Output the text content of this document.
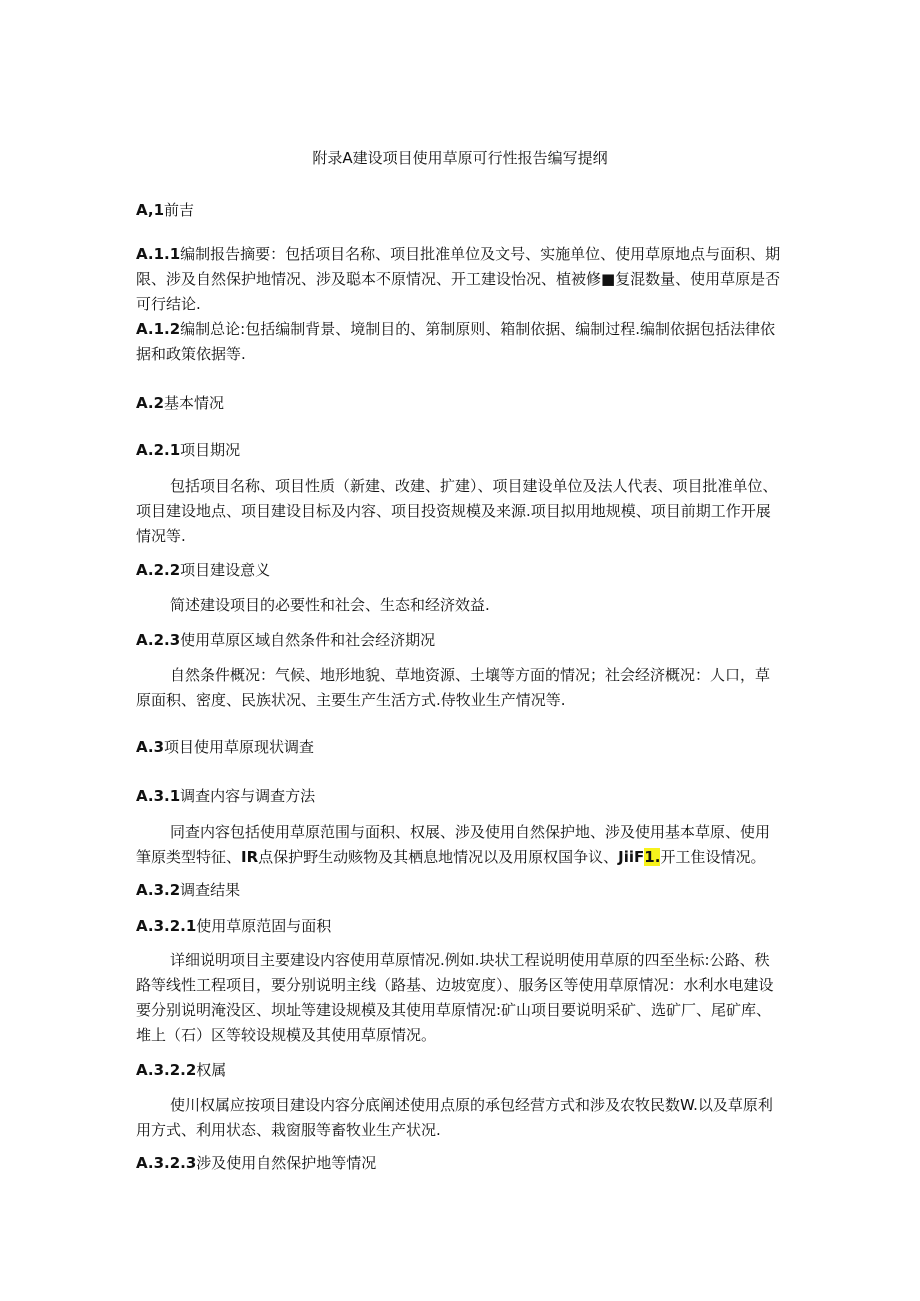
附录A建设项目使用草原可行性报告编写提纲

A,1前吉

A.1.1编制报告摘要：包括项目名称、项目批准单位及文号、实施单位、使用草原地点与面积、期限、涉及自然保护地情况、涉及聪本不原情况、开工建设怡况、植被修■复混数量、使用草原是否可行结论.

A.1.2编制总论:包括编制背景、境制目的、第制原则、箱制依据、编制过程.编制依据包括法律依据和政策依据等.

A.2基本情况

A.2.1项目期况

包括项目名称、项目性质（新建、改建、扩建）、项目建设单位及法人代表、项目批准单位、项目建设地点、项目建设目标及内容、项目投资规模及来源.项目拟用地规模、项目前期工作开展情况等.

A.2.2项目建设意义

简述建设项目的必要性和社会、生态和经济效益.

A.2.3使用草原区域自然条件和社会经济期况

自然条件概况：气候、地形地貌、草地资源、土壤等方面的情况；社会经济概况：人口，草原面积、密度、民族状况、主要生产生活方式.侍牧业生产情况等.

A.3项目使用草原现状调查

A.3.1调查内容与调查方法

同查内容包括使用草原范围与面积、权展、涉及使用自然保护地、涉及使用基本草原、使用筆原类型特征、IR点保护野生动赅物及其栖息地情况以及用原权国争议、JiiF1.开工隹设情况。

A.3.2调查结果

A.3.2.1使用草原范固与面积

详细说明项目主要建设内容使用草原情况.例如.块状工程说明使用草原的四至坐标:公路、秩路等线性工程项目，要分别说明主线（路基、边坡宽度）、服务区等使用草原情况：水利水电建设要分别说明淹没区、坝址等建设规模及其使用草原情况:矿山项目要说明采矿、选矿厂、尾矿库、堆上（石）区等较设规模及其使用草原情况。

A.3.2.2权属

使川权属应按项目建设内容分底阐述使用点原的承包经营方式和涉及农牧民数W.以及草原利用方式、利用状态、栽窗服等畜牧业生产状况.

A.3.2.3涉及使用自然保护地等情况
